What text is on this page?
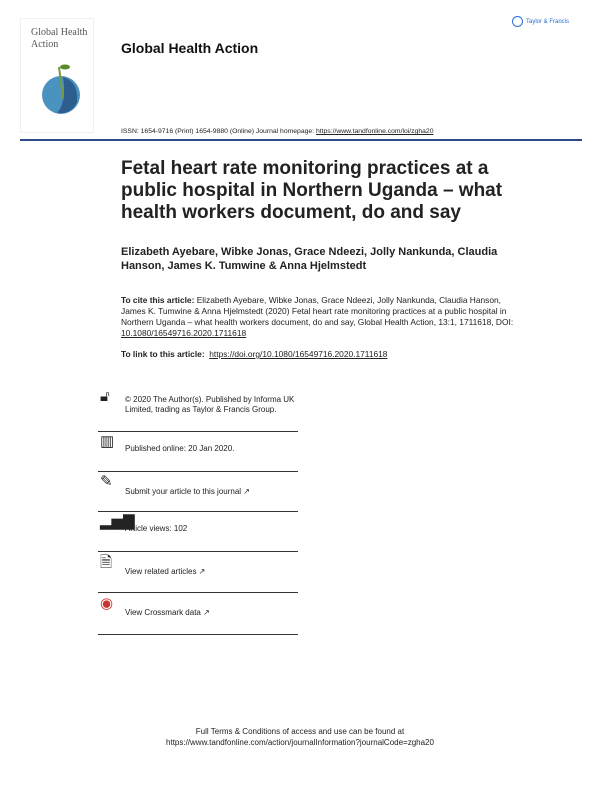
Global Health Action	Global Health Action
Taylor & Francis
ISSN: 1654-9716 (Print) 1654-9880 (Online) Journal homepage: https://www.tandfonline.com/loi/zgha20
Fetal heart rate monitoring practices at a public hospital in Northern Uganda – what health workers document, do and say
Elizabeth Ayebare, Wibke Jonas, Grace Ndeezi, Jolly Nankunda, Claudia Hanson, James K. Tumwine & Anna Hjelmstedt
To cite this article: Elizabeth Ayebare, Wibke Jonas, Grace Ndeezi, Jolly Nankunda, Claudia Hanson, James K. Tumwine & Anna Hjelmstedt (2020) Fetal heart rate monitoring practices at a public hospital in Northern Uganda – what health workers document, do and say, Global Health Action, 13:1, 1711618, DOI: 10.1080/16549716.2020.1711618
To link to this article: https://doi.org/10.1080/16549716.2020.1711618
🔓︎ © 2020 The Author(s). Published by Informa UK Limited, trading as Taylor & Francis Group.
▥ Published online: 20 Jan 2020.
✎
Submit your article to this journal ↗
▂▅▇
Article views: 102
🗎︎
View related articles ↗
◉
View Crossmark data ↗
Full Terms & Conditions of access and use can be found at
https://www.tandfonline.com/action/journalInformation?journalCode=zgha20
